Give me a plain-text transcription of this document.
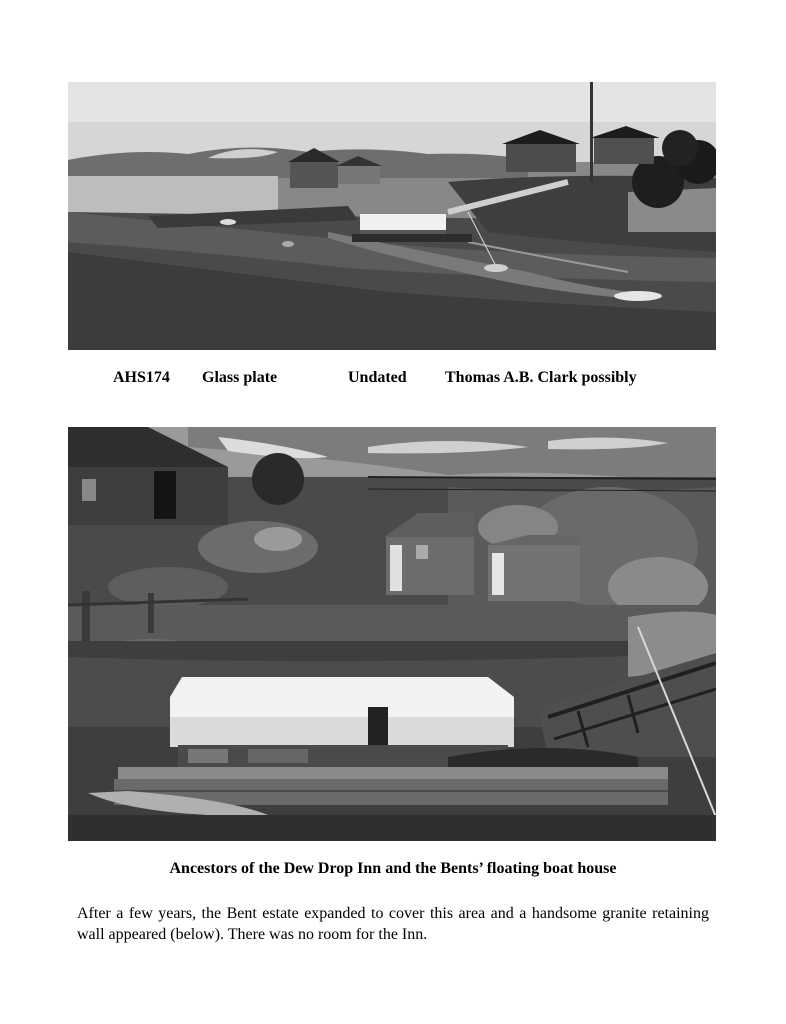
AHS174 Glass plate	Undated Thomas A.B. Clark possibly
Ancestors of the Dew Drop Inn and the Bents’ floating boat house
After a few years, the Bent estate expanded to cover this area and a handsome granite retaining wall appeared (below). There was no room for the Inn.
